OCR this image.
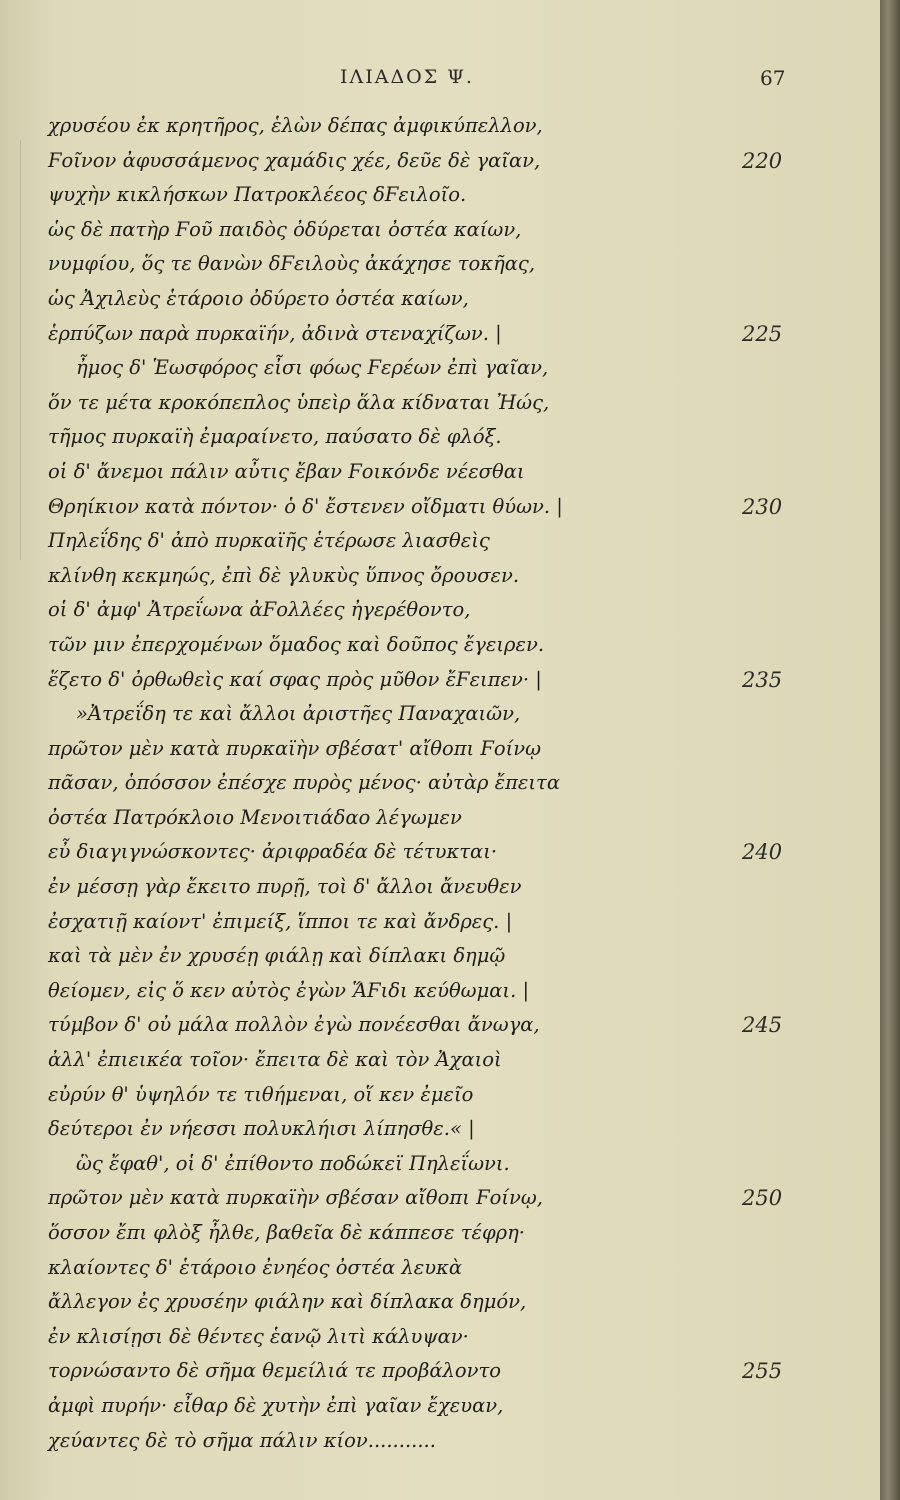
ΙΛΙΑΔΟΣ Ψ.	67
χρυσέου ἐκ κρητῆρος, ἑλὼν δέπας ἀμφικύπελλον,
Ϝοῖνον ἀφυσσάμενος χαμάδις χέε, δεῦε δὲ γαῖαν,	220
ψυχὴν κικλήσκων Πατροκλέεος δϜειλοῖο.
ὡς δὲ πατὴρ Ϝοῦ παιδὸς ὀδύρεται ὀστέα καίων,
νυμφίου, ὅς τε θανὼν δϜειλοὺς ἀκάχησε τοκῆας,
ὡς Ἀχιλεὺς ἑτάροιο ὀδύρετο ὀστέα καίων,
ἑρπύζων παρὰ πυρκαϊήν, ἀδινὰ στεναχίζων. |	225
ἦμος δ' Ἑωσφόρος εἶσι φόως Ϝερέων ἐπὶ γαῖαν,
ὅν τε μέτα κροκόπεπλος ὑπεὶρ ἅλα κίδναται Ἠώς,
τῆμος πυρκαϊὴ ἐμαραίνετο, παύσατο δὲ φλόξ.
οἱ δ' ἄνεμοι πάλιν αὖτις ἔβαν Ϝοικόνδε νέεσθαι
Θρηίκιον κατὰ πόντον· ὁ δ' ἔστενεν οἴδματι θύων. |	230
Πηλεΐδης δ' ἀπὸ πυρκαϊῆς ἑτέρωσε λιασθεὶς
κλίνθη κεκμηώς, ἐπὶ δὲ γλυκὺς ὕπνος ὄρουσεν.
οἱ δ' ἀμφ' Ἀτρεΐωνα ἀϜολλέες ἠγερέθοντο,
τῶν μιν ἐπερχομένων ὅμαδος καὶ δοῦπος ἔγειρεν.
ἕζετο δ' ὀρθωθεὶς καί σφας πρὸς μῦθον ἔϜειπεν· |	235
»Ἀτρεΐδη τε καὶ ἄλλοι ἀριστῆες Παναχαιῶν,
πρῶτον μὲν κατὰ πυρκαϊὴν σβέσατ' αἴθοπι Ϝοίνῳ
πᾶσαν, ὁπόσσον ἐπέσχε πυρὸς μένος· αὐτὰρ ἔπειτα
ὀστέα Πατρόκλοιο Μενοιτιάδαο λέγωμεν
εὖ διαγιγνώσκοντες· ἀριφραδέα δὲ τέτυκται·	240
ἐν μέσσῃ γὰρ ἔκειτο πυρῇ, τοὶ δ' ἄλλοι ἄνευθεν
ἐσχατιῇ καίοντ' ἐπιμείξ, ἵπποι τε καὶ ἄνδρες. |
καὶ τὰ μὲν ἐν χρυσέῃ φιάλῃ καὶ δίπλακι δημῷ
θείομεν, εἰς ὅ κεν αὐτὸς ἐγὼν ἍϜιδι κεύθωμαι. |
τύμβον δ' οὐ μάλα πολλὸν ἐγὼ πονέεσθαι ἄνωγα,	245
ἀλλ' ἐπιεικέα τοῖον· ἔπειτα δὲ καὶ τὸν Ἀχαιοὶ
εὐρύν θ' ὑψηλόν τε τιθήμεναι, οἵ κεν ἐμεῖο
δεύτεροι ἐν νήεσσι πολυκλήισι λίπησθε.« |
ὣς ἔφαθ', οἱ δ' ἐπίθοντο ποδώκεϊ Πηλεΐωνι.
πρῶτον μὲν κατὰ πυρκαϊὴν σβέσαν αἴθοπι Ϝοίνῳ,	250
ὅσσον ἔπι φλὸξ ἦλθε, βαθεῖα δὲ κάππεσε τέφρη·
κλαίοντες δ' ἑτάροιο ἐνηέος ὀστέα λευκὰ
ἄλλεγον ἐς χρυσέην φιάλην καὶ δίπλακα δημόν,
ἐν κλισίῃσι δὲ θέντες ἑανῷ λιτὶ κάλυψαν·
τορνώσαντο δὲ σῆμα θεμείλιά τε προβάλοντο	255
ἀμφὶ πυρήν· εἶθαρ δὲ χυτὴν ἐπὶ γαῖαν ἔχευαν,
χεύαντες δὲ τὸ σῆμα πάλιν κίον...........
